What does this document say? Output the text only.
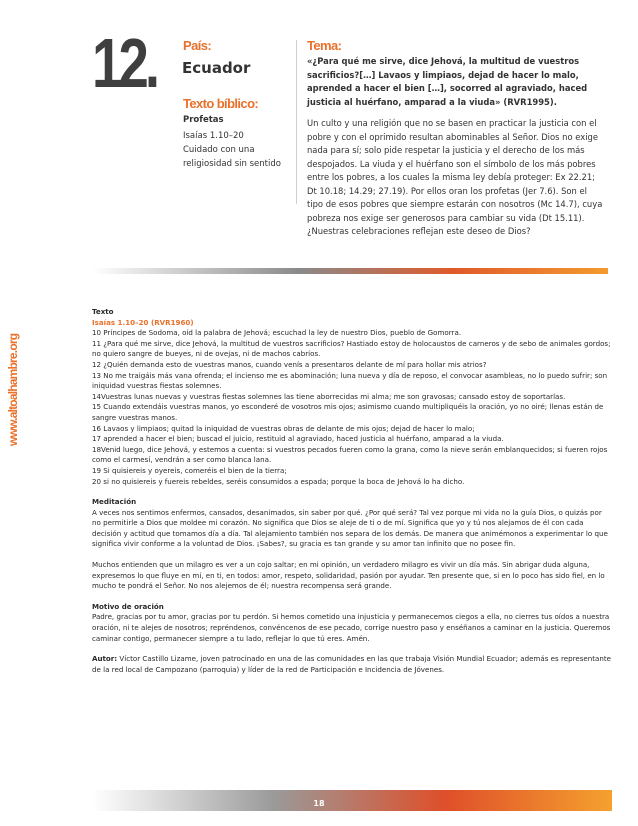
12. País:
Ecuador
Texto bíblico:
Profetas
Isaías 1.10–20
Cuidado con una
religiosidad sin sentido
Tema:
«¿Para qué me sirve, dice Jehová, la multitud de vuestros sacrificios?[…] Lavaos y limpiaos, dejad de hacer lo malo, aprended a hacer el bien […], socorred al agraviado, haced justicia al huérfano, amparad a la viuda» (RVR1995).
Un culto y una religión que no se basen en practicar la justicia con el pobre y con el oprimido resultan abominables al Señor. Dios no exige nada para sí; solo pide respetar la justicia y el derecho de los más despojados. La viuda y el huérfano son el símbolo de los más pobres entre los pobres, a los cuales la misma ley debía proteger: Ex 22.21; Dt 10.18; 14.29; 27.19). Por ellos oran los profetas (Jer 7.6). Son el tipo de esos pobres que siempre estarán con nosotros (Mc 14.7), cuya pobreza nos exige ser generosos para cambiar su vida (Dt 15.11). ¿Nuestras celebraciones reflejan este deseo de Dios?
www.altoalhambre.org

Texto

Isaías 1.10–20 (RVR1960)

10 Príncipes de Sodoma, oíd la palabra de Jehová; escuchad la ley de nuestro Dios, pueblo de Gomorra.

11 ¿Para qué me sirve, dice Jehová, la multitud de vuestros sacrificios? Hastiado estoy de holocaustos de carneros y de sebo de animales gordos; no quiero sangre de bueyes, ni de ovejas, ni de machos cabríos.

12 ¿Quién demanda esto de vuestras manos, cuando venís a presentaros delante de mí para hollar mis atrios?

13 No me traigáis más vana ofrenda; el incienso me es abominación; luna nueva y día de reposo, el convocar asambleas, no lo puedo sufrir; son iniquidad vuestras fiestas solemnes.

14Vuestras lunas nuevas y vuestras fiestas solemnes las tiene aborrecidas mi alma; me son gravosas; cansado estoy de soportarlas.

15 Cuando extendáis vuestras manos, yo esconderé de vosotros mis ojos; asimismo cuando multipliquéis la oración, yo no oiré; llenas están de sangre vuestras manos.

16 Lavaos y limpiaos; quitad la iniquidad de vuestras obras de delante de mis ojos; dejad de hacer lo malo;

17 aprended a hacer el bien; buscad el juicio, restituid al agraviado, haced justicia al huérfano, amparad a la viuda.

18Venid luego, dice Jehová, y estemos a cuenta: si vuestros pecados fueren como la grana, como la nieve serán emblanquecidos; si fueren rojos como el carmesí, vendrán a ser como blanca lana.

19 Si quisiereis y oyereis, comeréis el bien de la tierra;

20 si no quisiereis y fuereis rebeldes, seréis consumidos a espada; porque la boca de Jehová lo ha dicho.

Meditación

A veces nos sentimos enfermos, cansados, desanimados, sin saber por qué. ¿Por qué será? Tal vez porque mi vida no la guía Dios, o quizás por no permitirle a Dios que moldee mi corazón. No significa que Dios se aleje de ti o de mí. Significa que yo y tú nos alejamos de él con cada decisión y actitud que tomamos día a día. Tal alejamiento también nos separa de los demás. De manera que animémonos a experimentar lo que significa vivir conforme a la voluntad de Dios. ¡Sabes?, su gracia es tan grande y su amor tan infinito que no posee fin.

Muchos entienden que un milagro es ver a un cojo saltar; en mi opinión, un verdadero milagro es vivir un día más. Sin abrigar duda alguna, expresemos lo que fluye en mí, en ti, en todos: amor, respeto, solidaridad, pasión por ayudar. Ten presente que, si en lo poco has sido fiel, en lo mucho te pondrá el Señor. No nos alejemos de él; nuestra recompensa será grande.

Motivo de oración

Padre, gracias por tu amor, gracias por tu perdón. Si hemos cometido una injusticia y permanecemos ciegos a ella, no cierres tus oídos a nuestra oración, ni te alejes de nosotros; repréndenos, convéncenos de ese pecado, corrige nuestro paso y enséñanos a caminar en la justicia. Queremos caminar contigo, permanecer siempre a tu lado, reflejar lo que tú eres. Amén.

Autor: Víctor Castillo Lizame, joven patrocinado en una de las comunidades en las que trabaja Visión Mundial Ecuador; además es representante de la red local de Campozano (parroquia) y líder de la red de Participación e Incidencia de Jóvenes.

18
